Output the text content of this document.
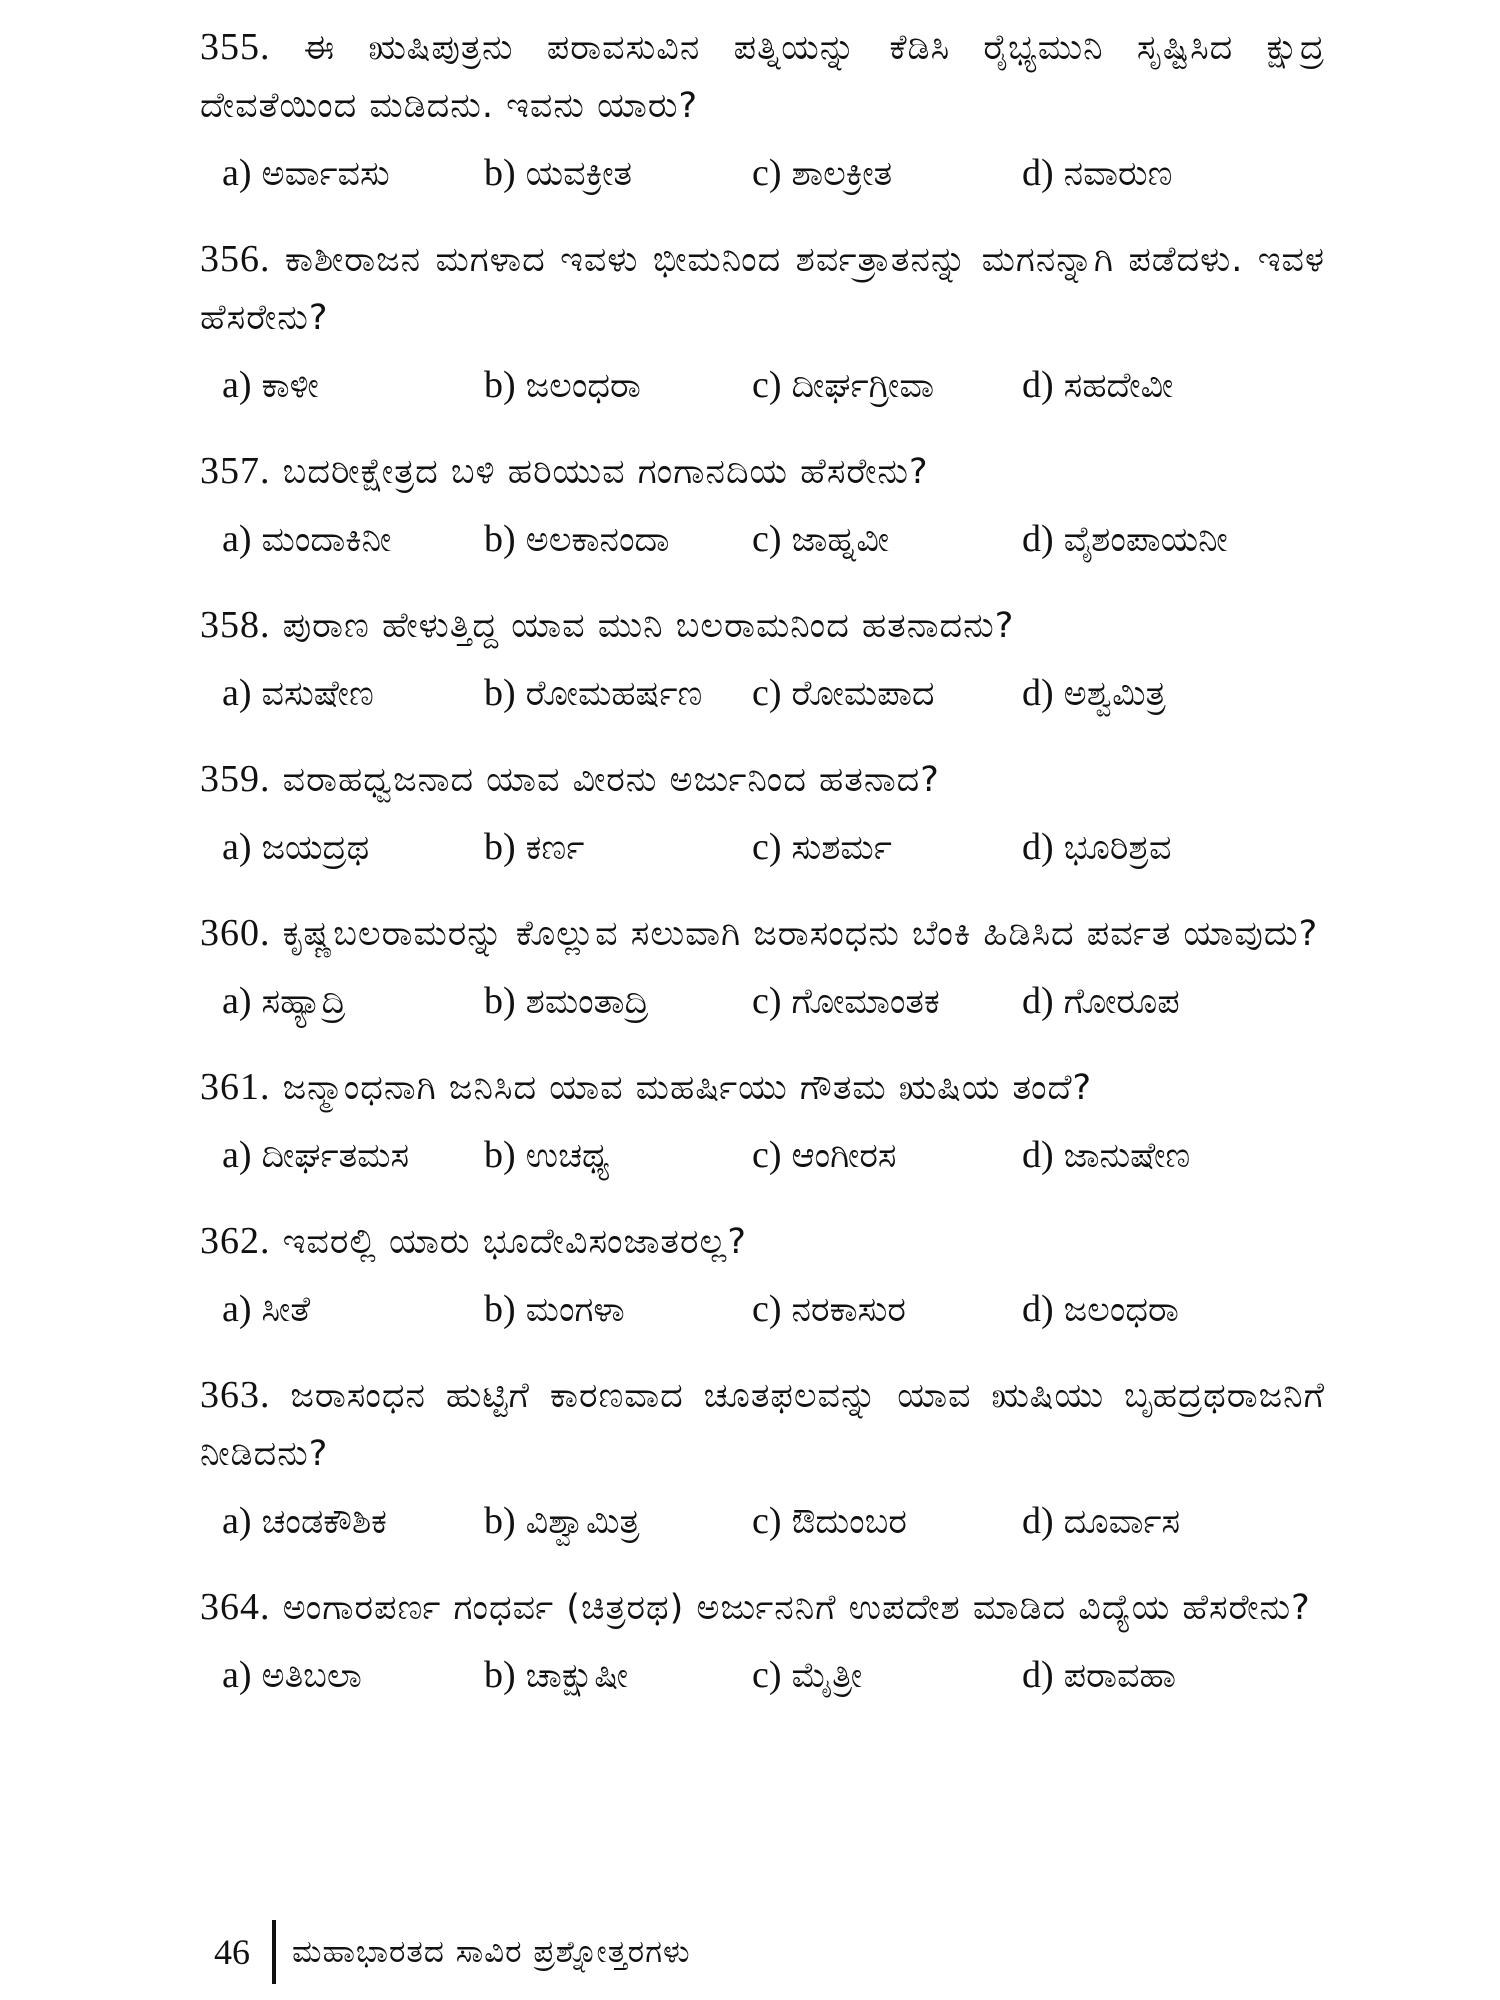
355. ಈ ಋಷಿಪುತ್ರನು ಪರಾವಸುವಿನ ಪತ್ನಿಯನ್ನು ಕೆಡಿಸಿ ರೈಭ್ಯಮುನಿ ಸೃಷ್ಟಿಸಿದ ಕ್ಷುದ್ರ ದೇವತೆಯಿಂದ ಮಡಿದನು. ಇವನು ಯಾರು?
a) ಅರ್ವಾವಸು	b) ಯವಕ್ರೀತ	c) ಶಾಲಕ್ರೀತ	d) ನವಾರುಣ
356. ಕಾಶೀರಾಜನ ಮಗಳಾದ ಇವಳು ಭೀಮನಿಂದ ಶರ್ವತ್ರಾತನನ್ನು ಮಗನನ್ನಾಗಿ ಪಡೆದಳು. ಇವಳ ಹೆಸರೇನು?
a) ಕಾಳೀ	b) ಜಲಂಧರಾ	c) ದೀರ್ಘಗ್ರೀವಾ	d) ಸಹದೇವೀ
357. ಬದರೀಕ್ಷೇತ್ರದ ಬಳಿ ಹರಿಯುವ ಗಂಗಾನದಿಯ ಹೆಸರೇನು?
a) ಮಂದಾಕಿನೀ	b) ಅಲಕಾನಂದಾ	c) ಜಾಹ್ನವೀ	d) ವೈಶಂಪಾಯನೀ
358. ಪುರಾಣ ಹೇಳುತ್ತಿದ್ದ ಯಾವ ಮುನಿ ಬಲರಾಮನಿಂದ ಹತನಾದನು?
a) ವಸುಷೇಣ	b) ರೋಮಹರ್ಷಣ	c) ರೋಮಪಾದ	d) ಅಶ್ವಮಿತ್ರ
359. ವರಾಹಧ್ವಜನಾದ ಯಾವ ವೀರನು ಅರ್ಜುನಿಂದ ಹತನಾದ?
a) ಜಯದ್ರಥ	b) ಕರ್ಣ	c) ಸುಶರ್ಮ	d) ಭೂರಿಶ್ರವ
360. ಕೃಷ್ಣಬಲರಾಮರನ್ನು ಕೊಲ್ಲುವ ಸಲುವಾಗಿ ಜರಾಸಂಧನು ಬೆಂಕಿ ಹಿಡಿಸಿದ ಪರ್ವತ ಯಾವುದು?
a) ಸಹ್ಯಾದ್ರಿ	b) ಶಮಂತಾದ್ರಿ	c) ಗೋಮಾಂತಕ	d) ಗೋರೂಪ
361. ಜನ್ಮಾಂಧನಾಗಿ ಜನಿಸಿದ ಯಾವ ಮಹರ್ಷಿಯು ಗೌತಮ ಋಷಿಯ ತಂದೆ?
a) ದೀರ್ಘತಮಸ	b) ಉಚಥ್ಯ	c) ಆಂಗೀರಸ	d) ಜಾನುಷೇಣ
362. ಇವರಲ್ಲಿ ಯಾರು ಭೂದೇವಿಸಂಜಾತರಲ್ಲ?
a) ಸೀತೆ	b) ಮಂಗಳಾ	c) ನರಕಾಸುರ	d) ಜಲಂಧರಾ
363. ಜರಾಸಂಧನ ಹುಟ್ಟಿಗೆ ಕಾರಣವಾದ ಚೂತಫಲವನ್ನು ಯಾವ ಋಷಿಯು ಬೃಹದ್ರಥರಾಜನಿಗೆ ನೀಡಿದನು?
a) ಚಂಡಕೌಶಿಕ	b) ವಿಶ್ವಾಮಿತ್ರ	c) ಔದುಂಬರ	d) ದೂರ್ವಾಸ
364. ಅಂಗಾರಪರ್ಣ ಗಂಧರ್ವ (ಚಿತ್ರರಥ) ಅರ್ಜುನನಿಗೆ ಉಪದೇಶ ಮಾಡಿದ ವಿದ್ಯೆಯ ಹೆಸರೇನು?
a) ಅತಿಬಲಾ	b) ಚಾಕ್ಷುಷೀ	c) ಮೈತ್ರೀ	d) ಪರಾವಹಾ
46 ಮಹಾಭಾರತದ ಸಾವಿರ ಪ್ರಶ್ನೋತ್ತರಗಳು
